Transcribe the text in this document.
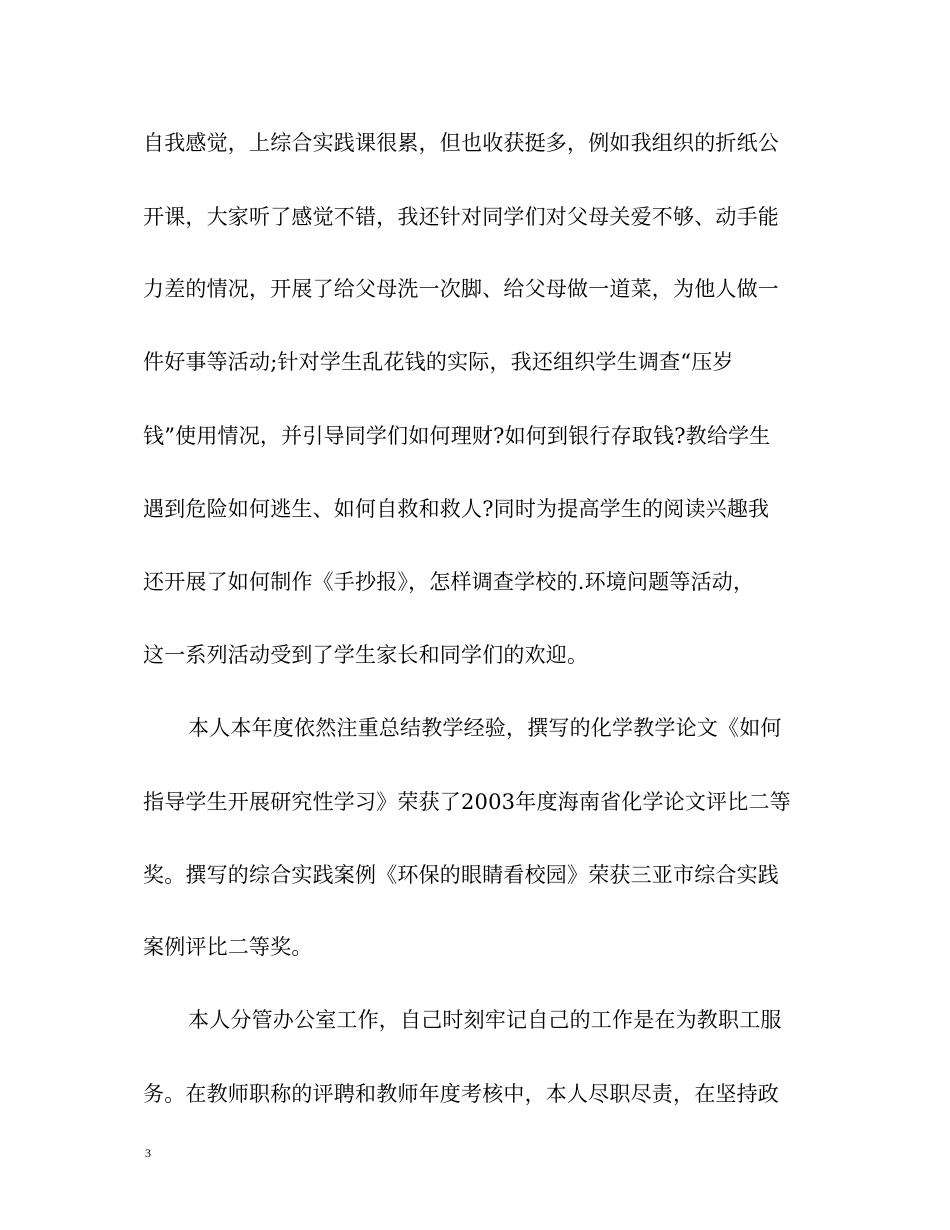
自我感觉，上综合实践课很累，但也收获挺多，例如我组织的折纸公
开课，大家听了感觉不错，我还针对同学们对父母关爱不够、动手能
力差的情况，开展了给父母洗一次脚、给父母做一道菜，为他人做一
件好事等活动;针对学生乱花钱的实际，我还组织学生调查“压岁
钱”使用情况，并引导同学们如何理财?如何到银行存取钱?教给学生
遇到危险如何逃生、如何自救和救人?同时为提高学生的阅读兴趣我
还开展了如何制作《手抄报》，怎样调查学校的.环境问题等活动，
这一系列活动受到了学生家长和同学们的欢迎。
本人本年度依然注重总结教学经验，撰写的化学教学论文《如何
指导学生开展研究性学习》荣获了2003年度海南省化学论文评比二等
奖。撰写的综合实践案例《环保的眼睛看校园》荣获三亚市综合实践
案例评比二等奖。
本人分管办公室工作，自己时刻牢记自己的工作是在为教职工服
务。在教师职称的评聘和教师年度考核中，本人尽职尽责，在坚持政
3
